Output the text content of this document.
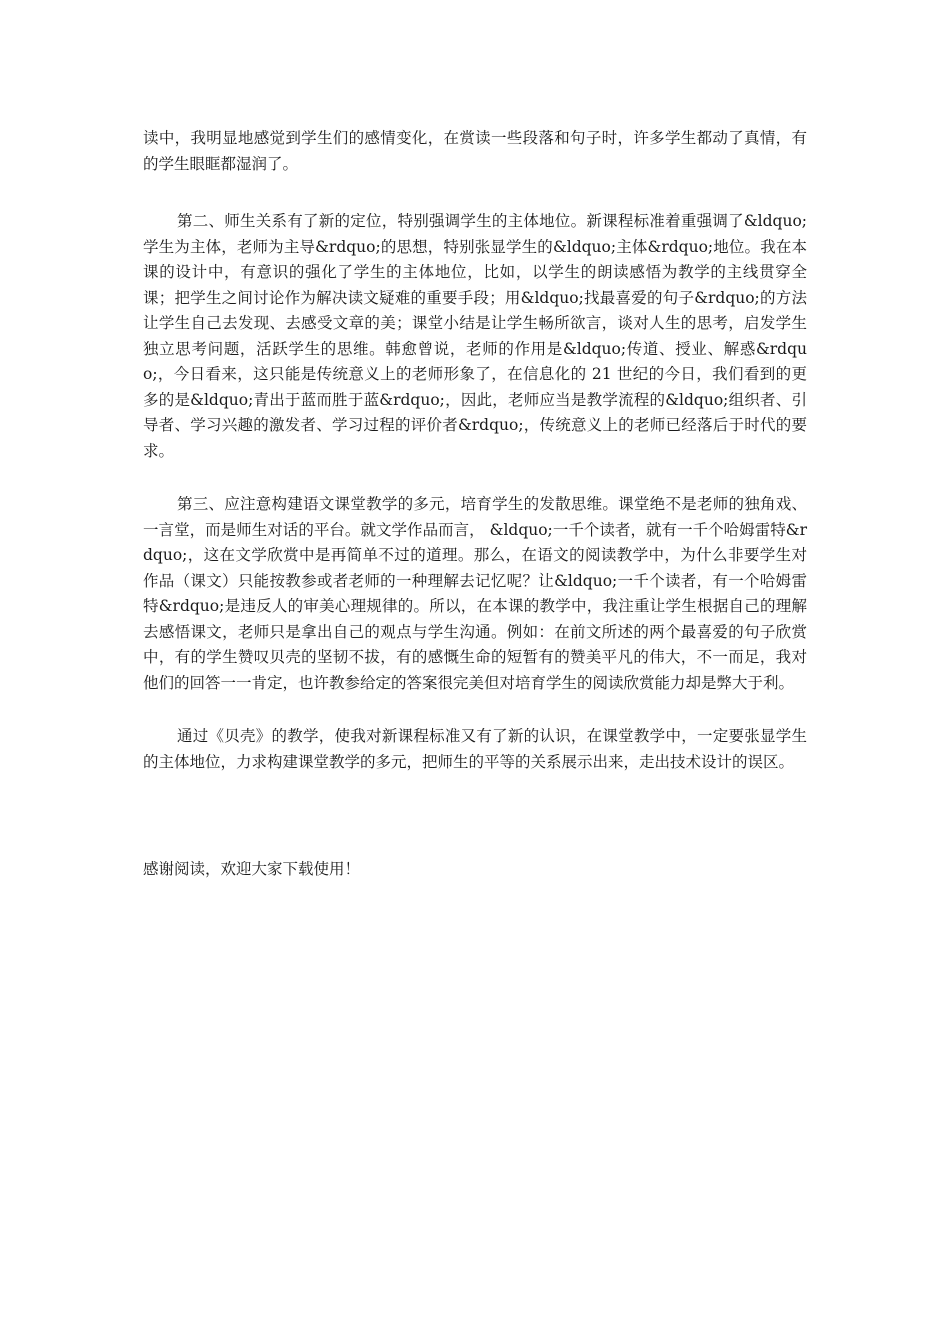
读中，我明显地感觉到学生们的感情变化，在赏读一些段落和句子时，许多学生都动了真情，有的学生眼眶都湿润了。

第二、师生关系有了新的定位，特别强调学生的主体地位。新课程标准着重强调了&ldquo;学生为主体，老师为主导&rdquo;的思想，特别张显学生的&ldquo;主体&rdquo;地位。我在本课的设计中，有意识的强化了学生的主体地位，比如，以学生的朗读感悟为教学的主线贯穿全课；把学生之间讨论作为解决读文疑难的重要手段；用&ldquo;找最喜爱的句子&rdquo;的方法让学生自己去发现、去感受文章的美；课堂小结是让学生畅所欲言，谈对人生的思考，启发学生独立思考问题，活跃学生的思维。韩愈曾说，老师的作用是&ldquo;传道、授业、解惑&rdquo;，今日看来，这只能是传统意义上的老师形象了，在信息化的 21 世纪的今日，我们看到的更多的是&ldquo;青出于蓝而胜于蓝&rdquo;，因此，老师应当是教学流程的&ldquo;组织者、引导者、学习兴趣的激发者、学习过程的评价者&rdquo;，传统意义上的老师已经落后于时代的要求。

第三、应注意构建语文课堂教学的多元，培育学生的发散思维。课堂绝不是老师的独角戏、一言堂，而是师生对话的平台。就文学作品而言， &ldquo;一千个读者，就有一千个哈姆雷特&rdquo;，这在文学欣赏中是再简单不过的道理。那么，在语文的阅读教学中，为什么非要学生对作品（课文）只能按教参或者老师的一种理解去记忆呢？让&ldquo;一千个读者，有一个哈姆雷特&rdquo;是违反人的审美心理规律的。所以，在本课的教学中，我注重让学生根据自己的理解去感悟课文，老师只是拿出自己的观点与学生沟通。例如：在前文所述的两个最喜爱的句子欣赏中，有的学生赞叹贝壳的坚韧不拔，有的感慨生命的短暂有的赞美平凡的伟大，不一而足，我对他们的回答一一肯定，也许教参给定的答案很完美但对培育学生的阅读欣赏能力却是弊大于利。

通过《贝壳》的教学，使我对新课程标准又有了新的认识，在课堂教学中，一定要张显学生的主体地位，力求构建课堂教学的多元，把师生的平等的关系展示出来，走出技术设计的误区。

感谢阅读，欢迎大家下载使用！
